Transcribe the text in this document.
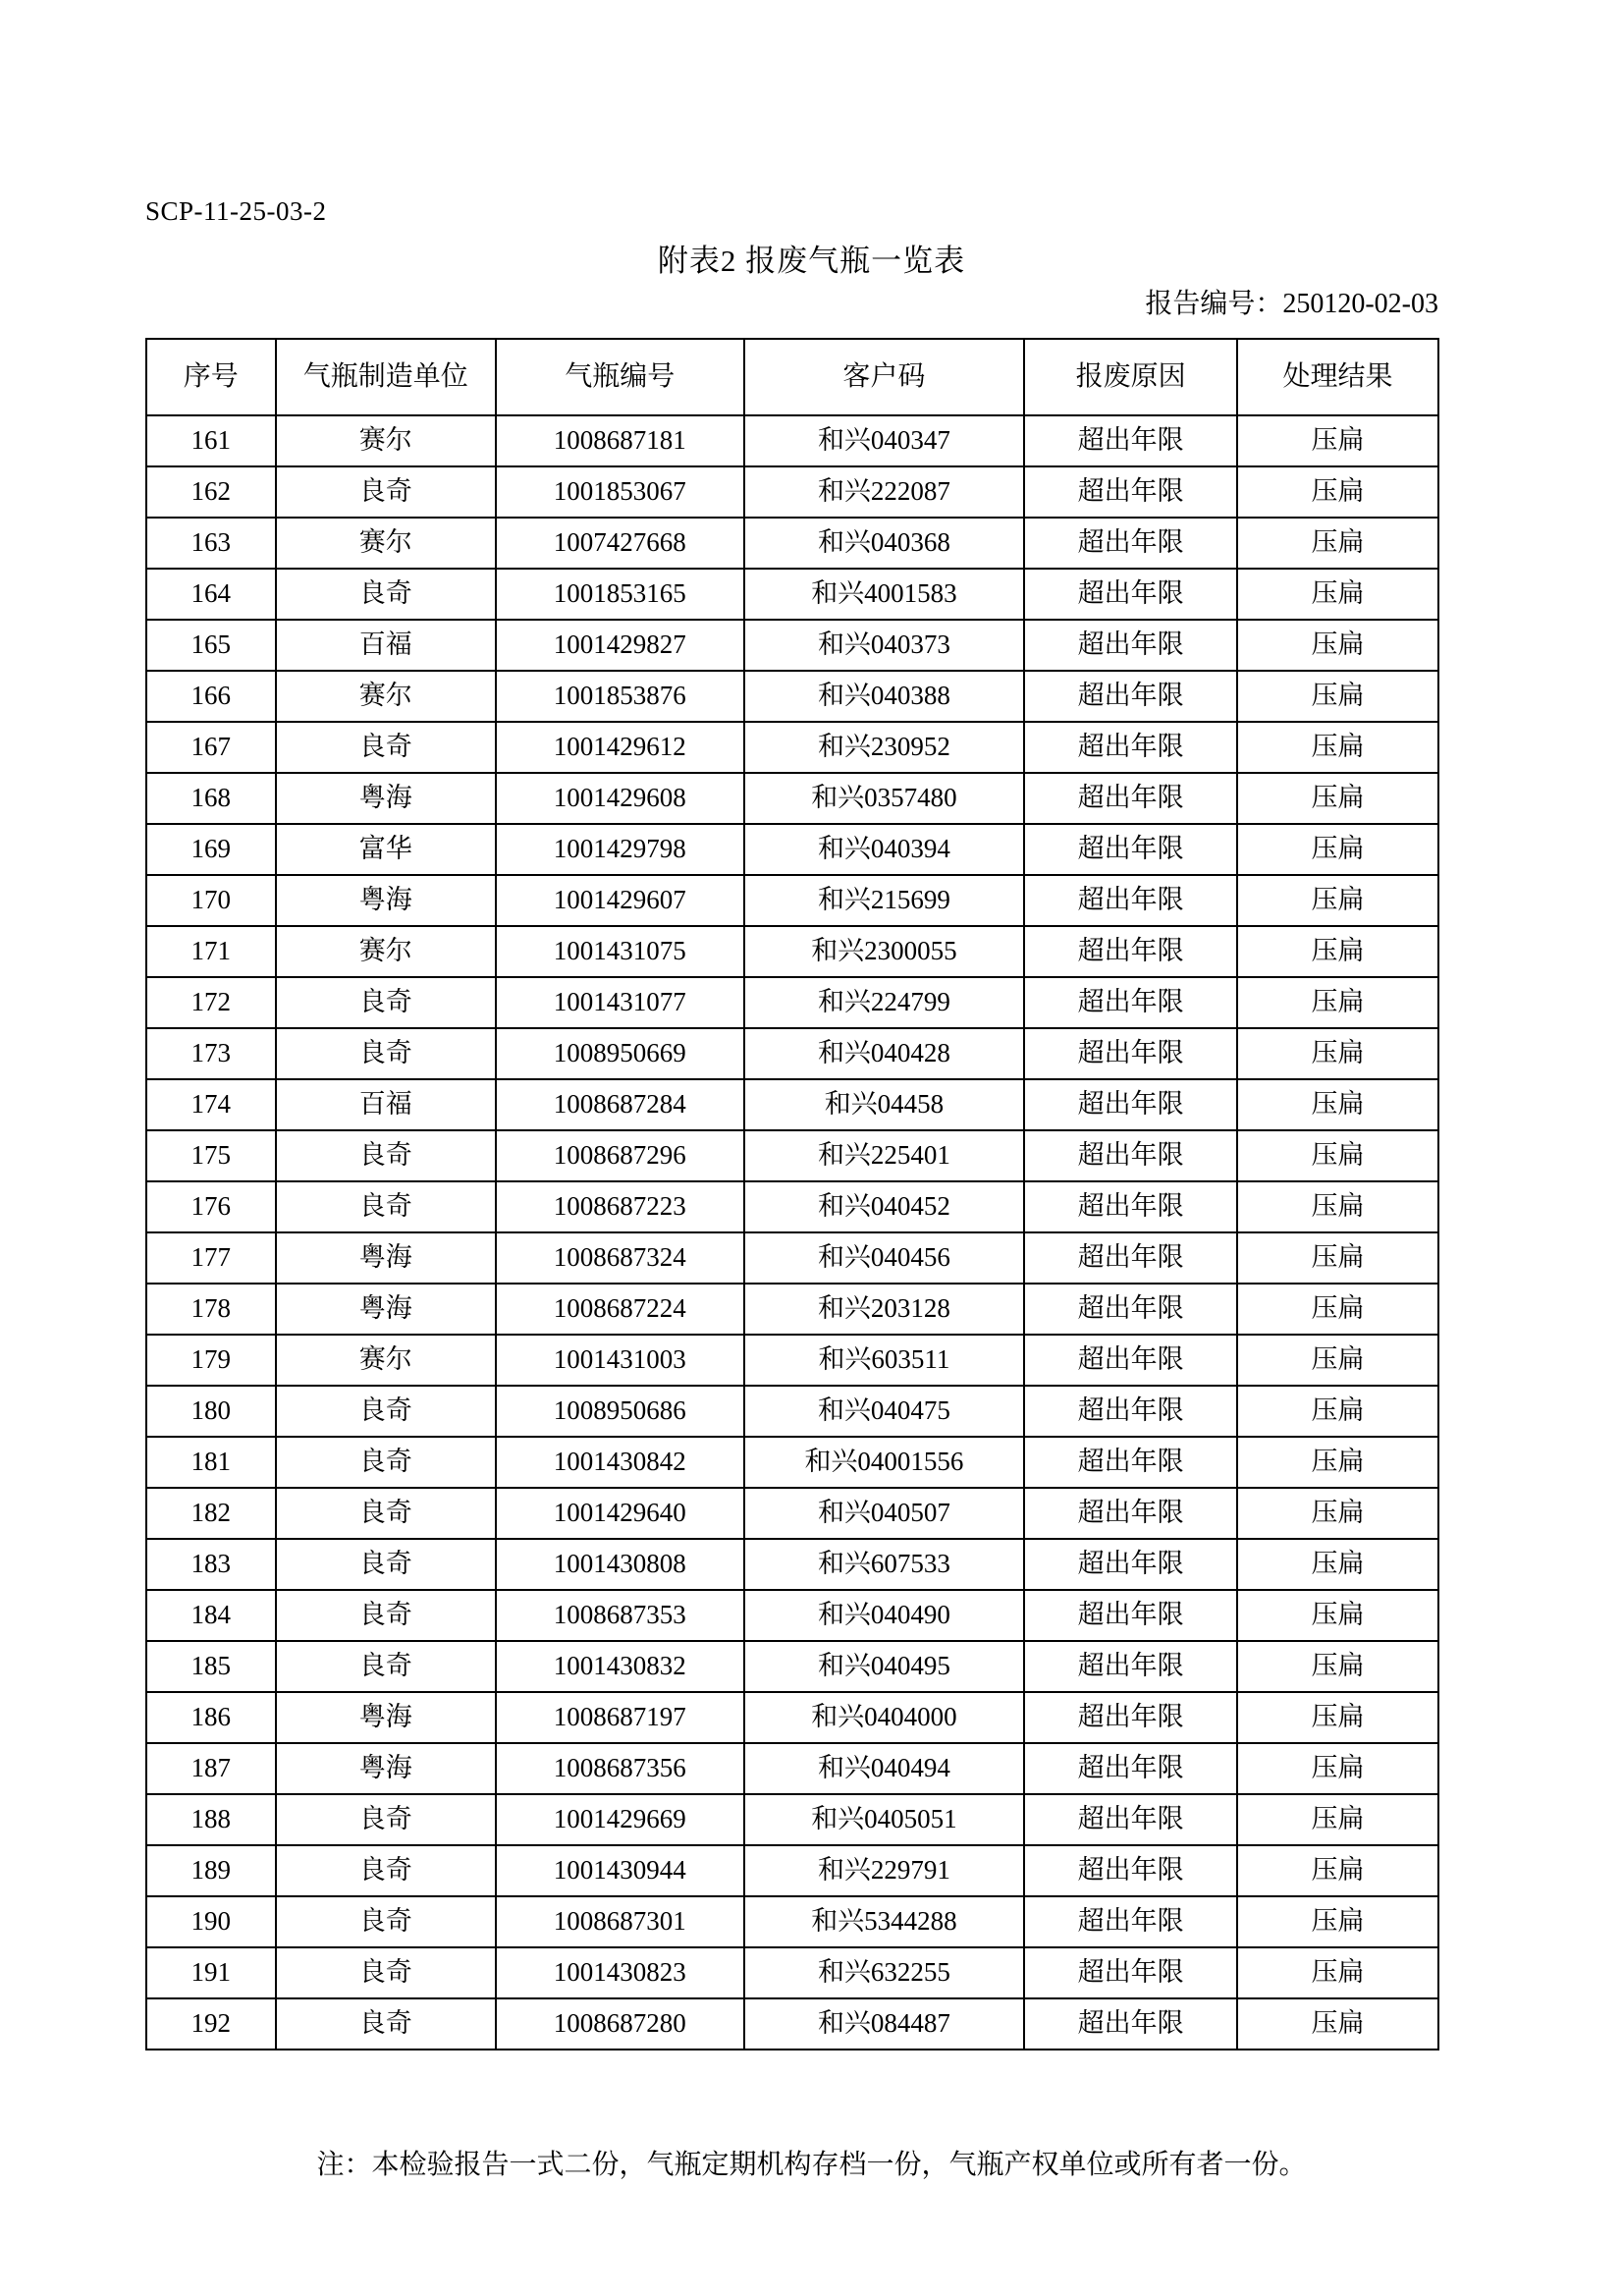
SCP-11-25-03-2
附表2 报废气瓶一览表
报告编号：250120-02-03
序号	气瓶制造单位	气瓶编号	客户码	报废原因	处理结果
161	赛尔	1008687181	和兴040347	超出年限	压扁
162	良奇	1001853067	和兴222087	超出年限	压扁
163	赛尔	1007427668	和兴040368	超出年限	压扁
164	良奇	1001853165	和兴4001583	超出年限	压扁
165	百福	1001429827	和兴040373	超出年限	压扁
166	赛尔	1001853876	和兴040388	超出年限	压扁
167	良奇	1001429612	和兴230952	超出年限	压扁
168	粤海	1001429608	和兴0357480	超出年限	压扁
169	富华	1001429798	和兴040394	超出年限	压扁
170	粤海	1001429607	和兴215699	超出年限	压扁
171	赛尔	1001431075	和兴2300055	超出年限	压扁
172	良奇	1001431077	和兴224799	超出年限	压扁
173	良奇	1008950669	和兴040428	超出年限	压扁
174	百福	1008687284	和兴04458	超出年限	压扁
175	良奇	1008687296	和兴225401	超出年限	压扁
176	良奇	1008687223	和兴040452	超出年限	压扁
177	粤海	1008687324	和兴040456	超出年限	压扁
178	粤海	1008687224	和兴203128	超出年限	压扁
179	赛尔	1001431003	和兴603511	超出年限	压扁
180	良奇	1008950686	和兴040475	超出年限	压扁
181	良奇	1001430842	和兴04001556	超出年限	压扁
182	良奇	1001429640	和兴040507	超出年限	压扁
183	良奇	1001430808	和兴607533	超出年限	压扁
184	良奇	1008687353	和兴040490	超出年限	压扁
185	良奇	1001430832	和兴040495	超出年限	压扁
186	粤海	1008687197	和兴0404000	超出年限	压扁
187	粤海	1008687356	和兴040494	超出年限	压扁
188	良奇	1001429669	和兴0405051	超出年限	压扁
189	良奇	1001430944	和兴229791	超出年限	压扁
190	良奇	1008687301	和兴5344288	超出年限	压扁
191	良奇	1001430823	和兴632255	超出年限	压扁
192	良奇	1008687280	和兴084487	超出年限	压扁
注：本检验报告一式二份，气瓶定期机构存档一份，气瓶产权单位或所有者一份。
